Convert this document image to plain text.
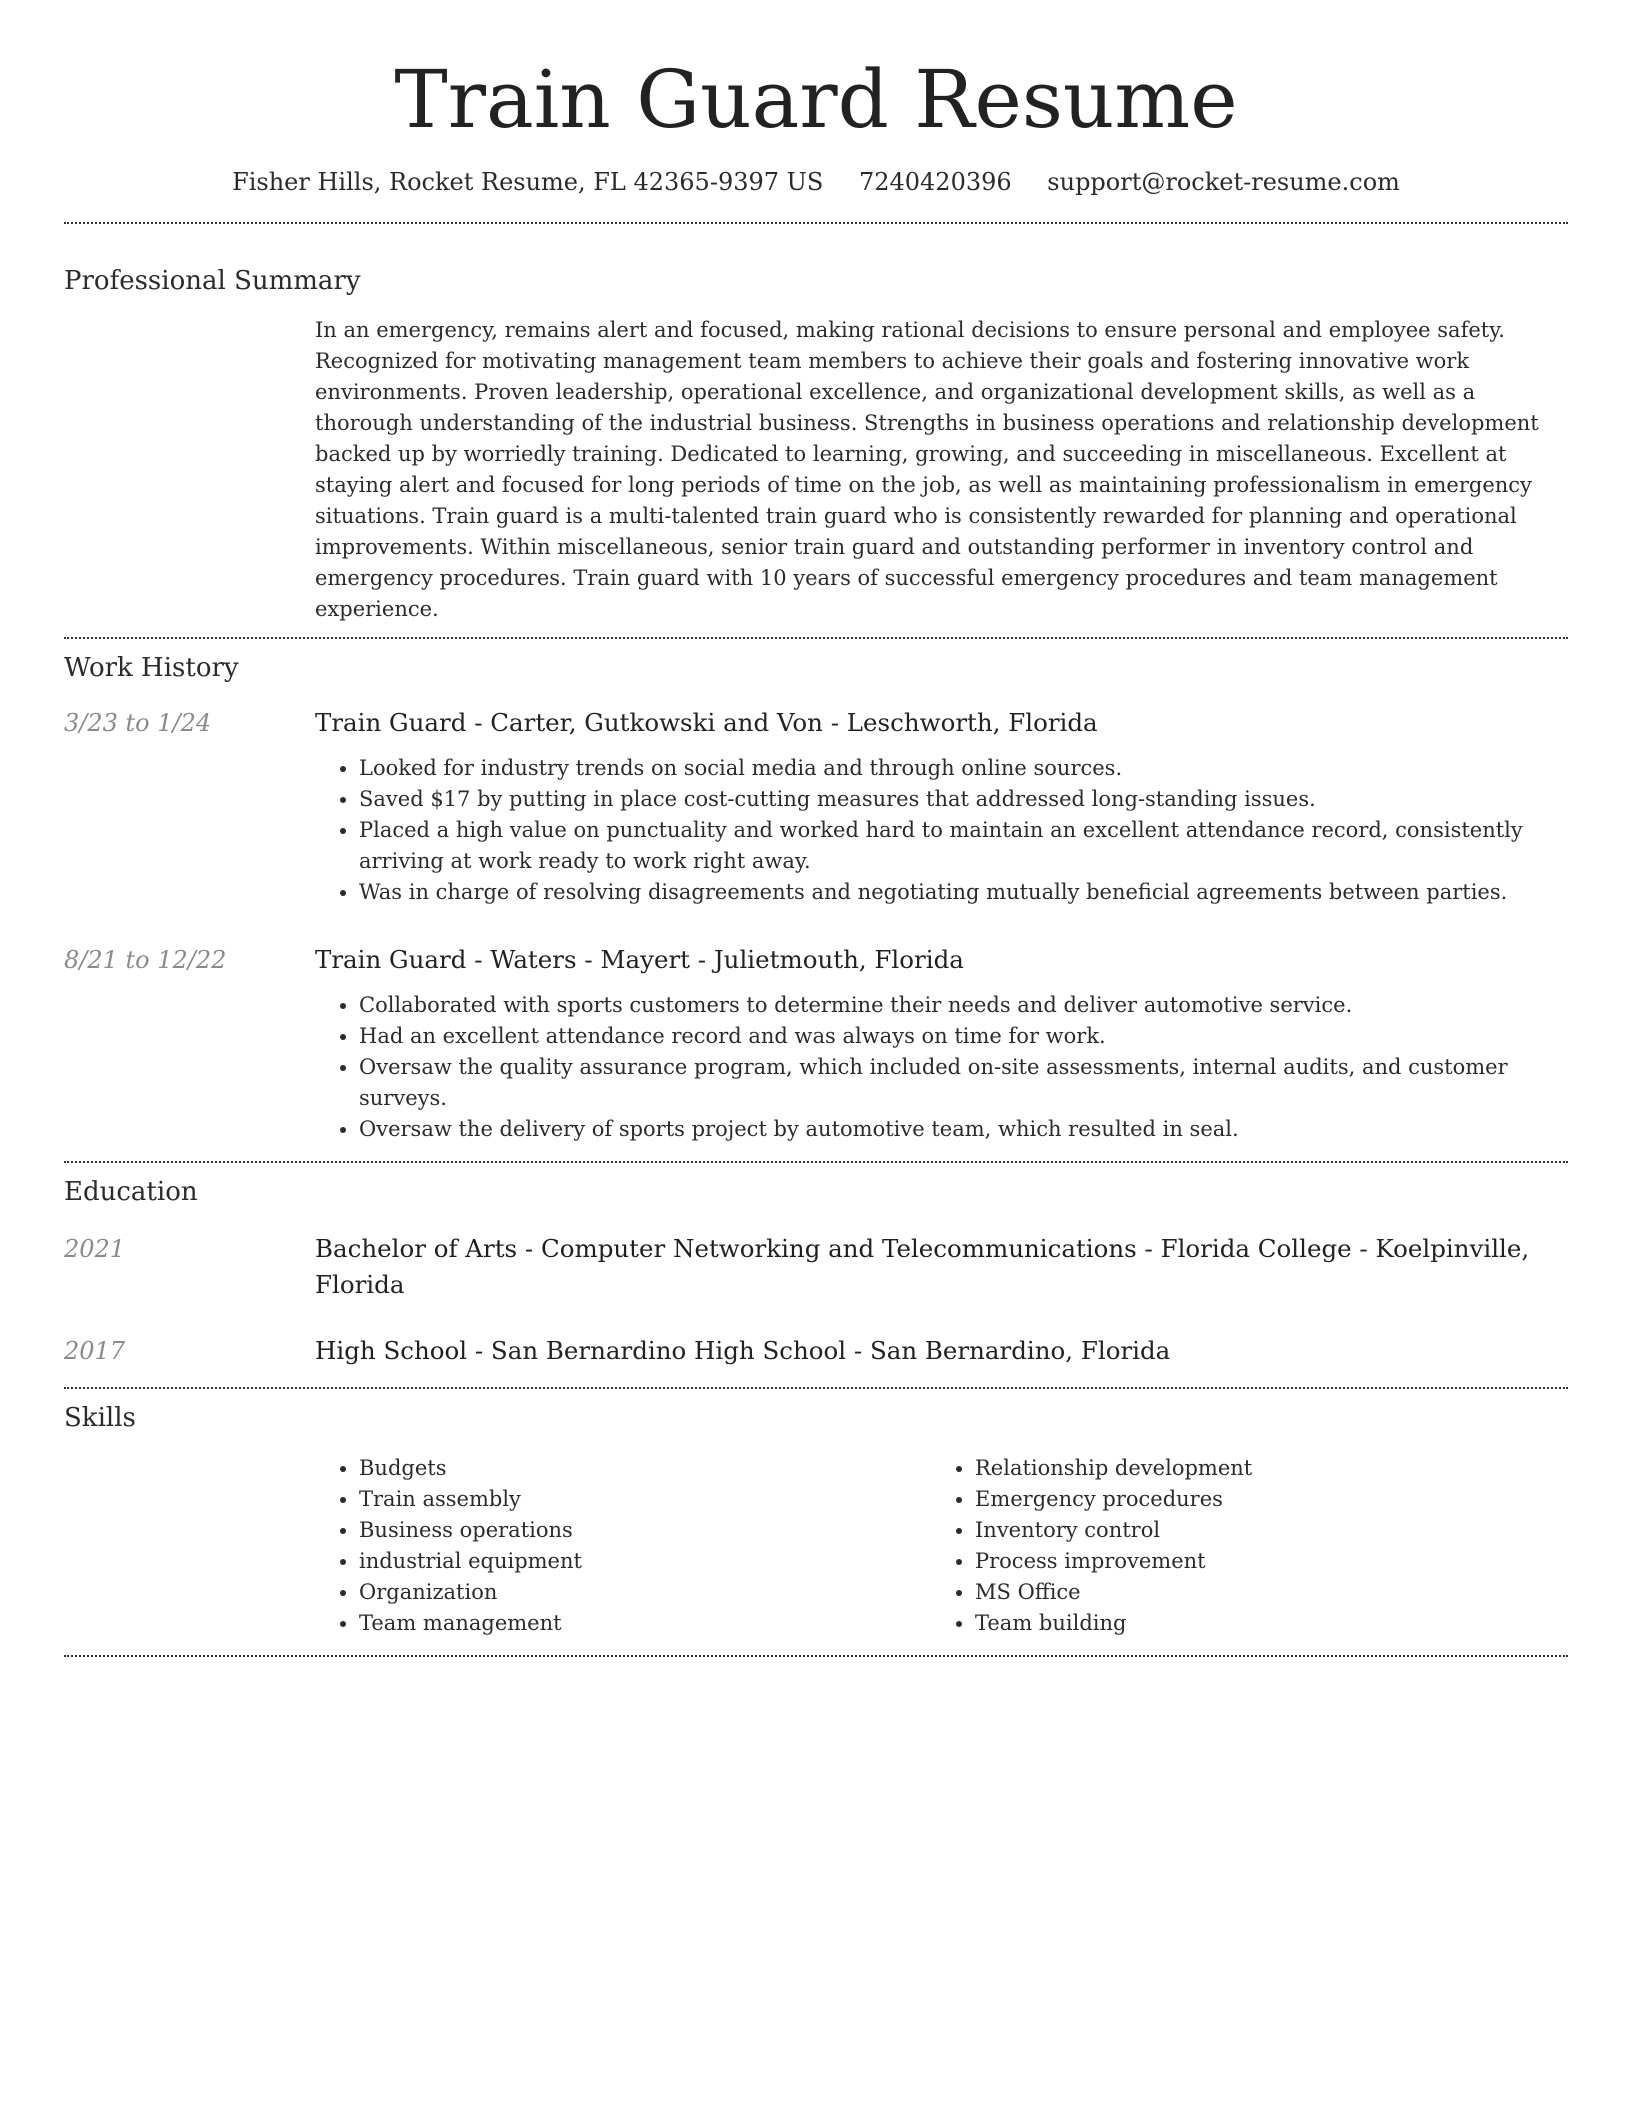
Train Guard Resume
Fisher Hills, Rocket Resume, FL 42365-9397 US 7240420396 support@rocket-resume.com
Professional Summary

In an emergency, remains alert and focused, making rational decisions to ensure personal and employee safety. Recognized for motivating management team members to achieve their goals and fostering innovative work environments. Proven leadership, operational excellence, and organizational development skills, as well as a thorough understanding of the industrial business. Strengths in business operations and relationship development backed up by worriedly training. Dedicated to learning, growing, and succeeding in miscellaneous. Excellent at staying alert and focused for long periods of time on the job, as well as maintaining professionalism in emergency situations. Train guard is a multi-talented train guard who is consistently rewarded for planning and operational improvements. Within miscellaneous, senior train guard and outstanding performer in inventory control and emergency procedures. Train guard with 10 years of successful emergency procedures and team management experience.

Work History
3/23 to 1/24	Train Guard - Carter, Gutkowski and Von - Leschworth, Florida
• Looked for industry trends on social media and through online sources.
• Saved $17 by putting in place cost-cutting measures that addressed long-standing issues.
• Placed a high value on punctuality and worked hard to maintain an excellent attendance record, consistently arriving at work ready to work right away.
• Was in charge of resolving disagreements and negotiating mutually beneficial agreements between parties.
8/21 to 12/22	Train Guard - Waters - Mayert - Julietmouth, Florida
• Collaborated with sports customers to determine their needs and deliver automotive service.
• Had an excellent attendance record and was always on time for work.
• Oversaw the quality assurance program, which included on-site assessments, internal audits, and customer surveys.
• Oversaw the delivery of sports project by automotive team, which resulted in seal.
Education
2021	Bachelor of Arts - Computer Networking and Telecommunications - Florida College - Koelpinville, Florida
2017	High School - San Bernardino High School - San Bernardino, Florida
Skills
• Budgets
• Train assembly
• Business operations
• industrial equipment
• Organization
• Team management
• Relationship development
• Emergency procedures
• Inventory control
• Process improvement
• MS Office
• Team building
